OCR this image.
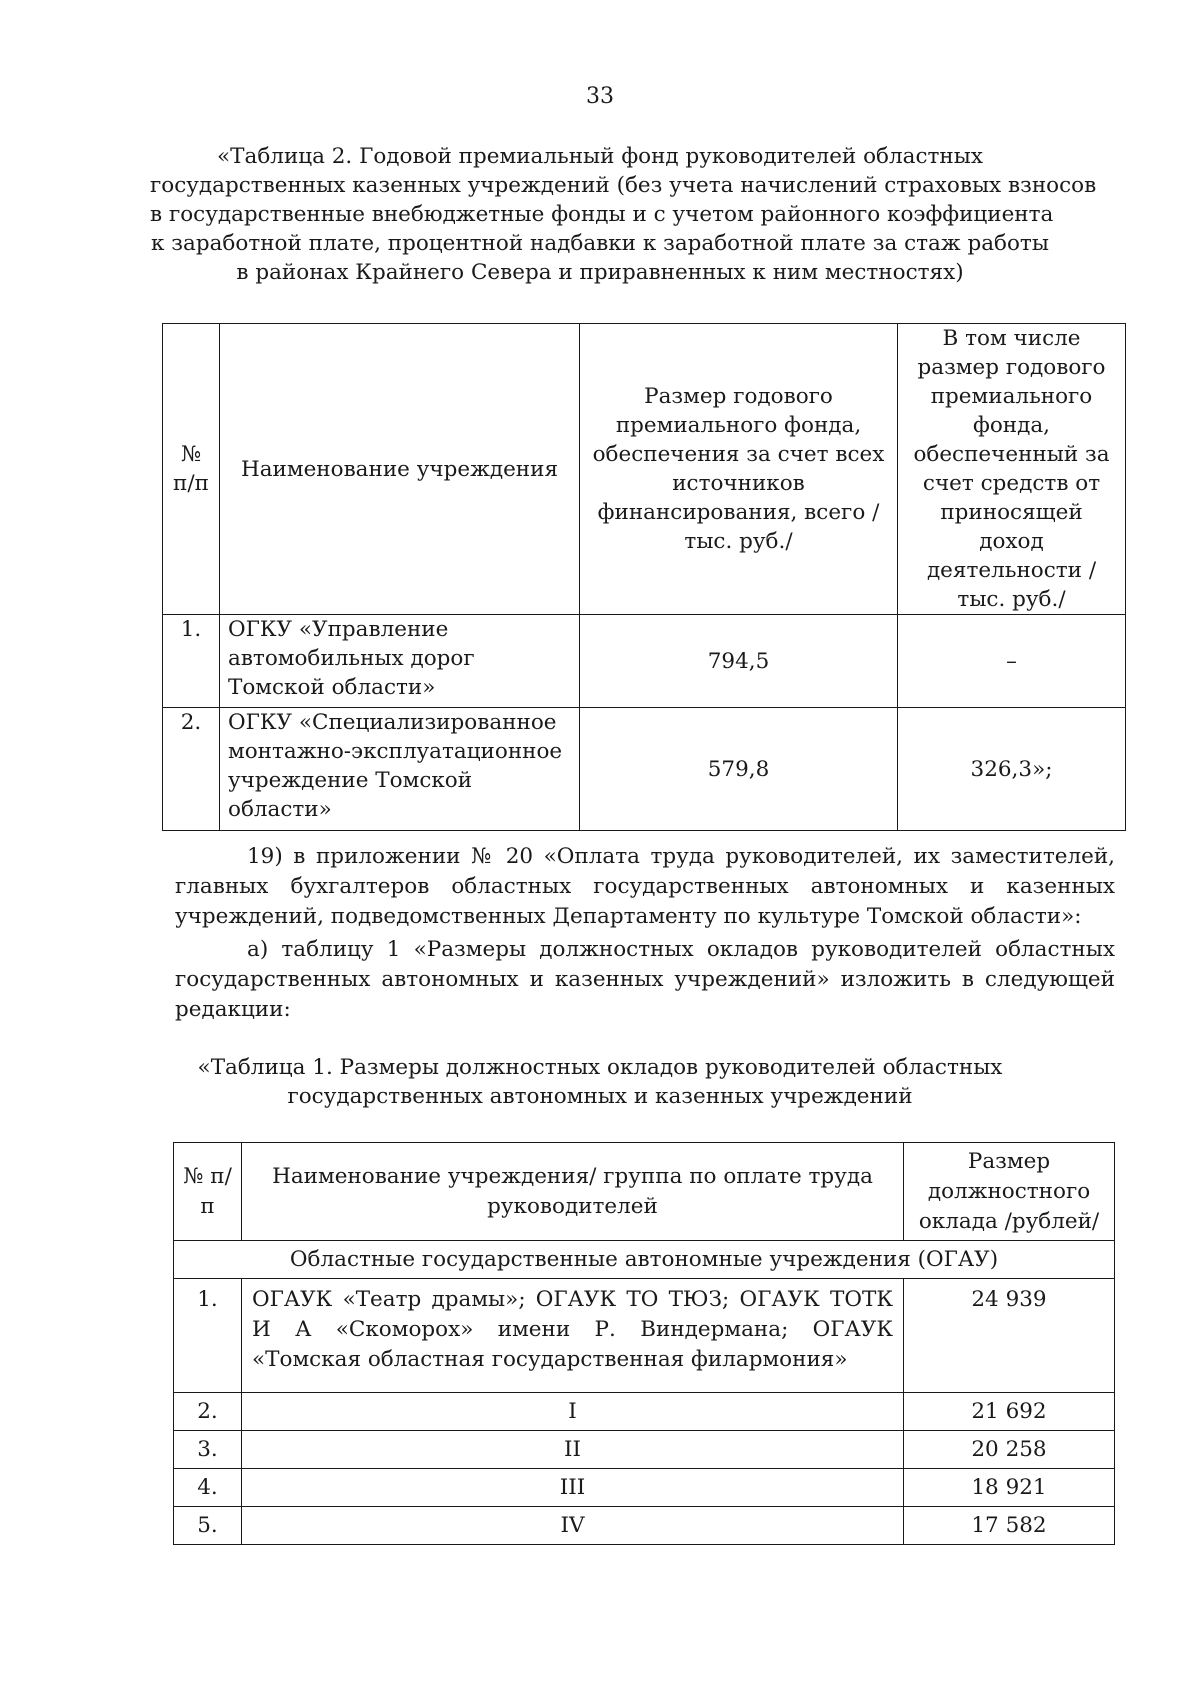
33
«Таблица 2. Годовой премиальный фонд руководителей областных
государственных казенных учреждений (без учета начислений страховых взносов
в государственные внебюджетные фонды и с учетом районного коэффициента
к заработной плате, процентной надбавки к заработной плате за стаж работы
в районах Крайнего Севера и приравненных к ним местностях)
№ п/п	Наименование учреждения	Размер годового премиального фонда, обеспечения за счет всех источников финансирования, всего /тыс. руб./	В том числе размер годового премиального фонда, обеспеченный за счет средств от приносящей доход деятельности /тыс. руб./
1.	ОГКУ «Управление автомобильных дорог Томской области»	794,5	–
2.	ОГКУ «Специализированное монтажно-эксплуатационное учреждение Томской области»	579,8	326,3»;
19) в приложении № 20 «Оплата труда руководителей, их заместителей,
главных бухгалтеров областных государственных автономных и казенных
учреждений, подведомственных Департаменту по культуре Томской области»:
а) таблицу 1 «Размеры должностных окладов руководителей областных
государственных автономных и казенных учреждений» изложить в следующей
редакции:
«Таблица 1. Размеры должностных окладов руководителей областных
государственных автономных и казенных учреждений
№ п/п	Наименование учреждения/ группа по оплате труда руководителей	Размер должностного оклада /рублей/
Областные государственные автономные учреждения (ОГАУ)		
1.	ОГАУК «Театр драмы»; ОГАУК ТО ТЮЗ; ОГАУК ТОТК И А «Скоморох» имени Р. Виндермана; ОГАУК «Томская областная государственная филармония»	24 939
2.	I	21 692
3.	II	20 258
4.	III	18 921
5.	IV	17 582
